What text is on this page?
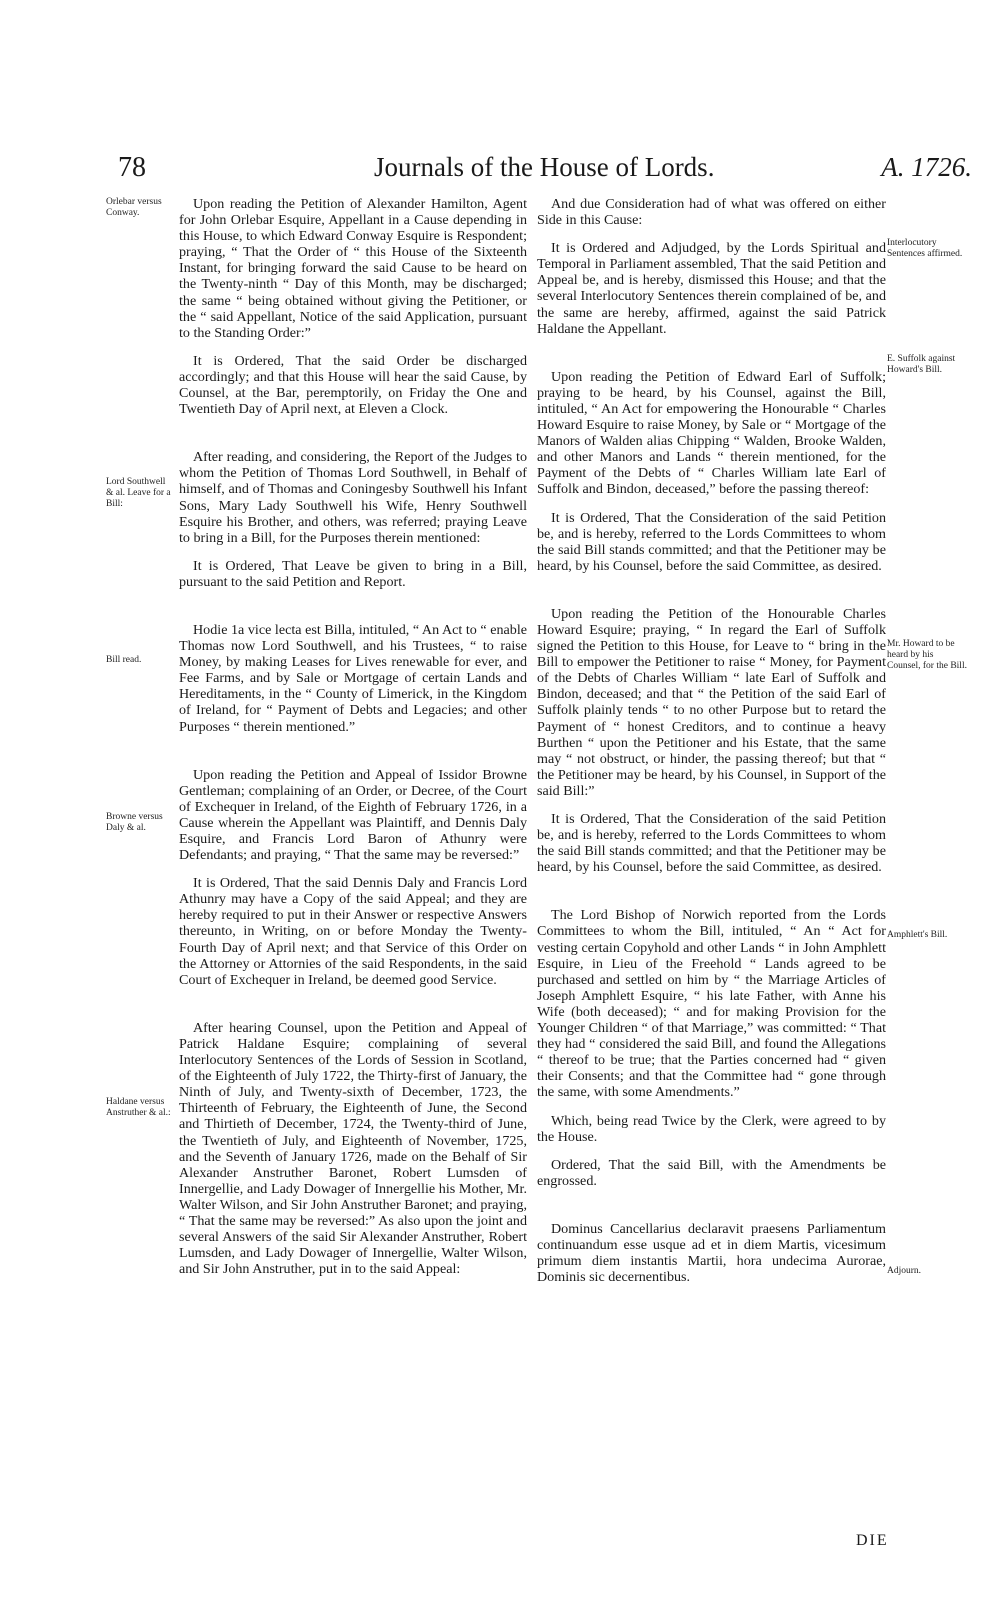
78	Journals of the House of Lords.	A. 1726.
Orlebar versus Conway.
Lord Southwell & al. Leave for a Bill:
Bill read.
Browne versus Daly & al.
Haldane versus Anstruther & al.:
Interlocutory Sentences affirmed.
E. Suffolk against Howard's Bill.
Mr. Howard to be heard by his Counsel, for the Bill.
Amphlett's Bill.
Adjourn.

Upon reading the Petition of Alexander Hamilton, Agent for John Orlebar Esquire, Appellant in a Cause depending in this House, to which Edward Conway Esquire is Respondent; praying, “ That the Order of “ this House of the Sixteenth Instant, for bringing forward the said Cause to be heard on the Twenty-ninth “ Day of this Month, may be discharged; the same “ being obtained without giving the Petitioner, or the “ said Appellant, Notice of the said Application, pursuant to the Standing Order:”

It is Ordered, That the said Order be discharged accordingly; and that this House will hear the said Cause, by Counsel, at the Bar, peremptorily, on Friday the One and Twentieth Day of April next, at Eleven a Clock.

After reading, and considering, the Report of the Judges to whom the Petition of Thomas Lord Southwell, in Behalf of himself, and of Thomas and Coningesby Southwell his Infant Sons, Mary Lady Southwell his Wife, Henry Southwell Esquire his Brother, and others, was referred; praying Leave to bring in a Bill, for the Purposes therein mentioned:

It is Ordered, That Leave be given to bring in a Bill, pursuant to the said Petition and Report.

Hodie 1a vice lecta est Billa, intituled, “ An Act to “ enable Thomas now Lord Southwell, and his Trustees, “ to raise Money, by making Leases for Lives renewable for ever, and Fee Farms, and by Sale or Mortgage of certain Lands and Hereditaments, in the “ County of Limerick, in the Kingdom of Ireland, for “ Payment of Debts and Legacies; and other Purposes “ therein mentioned.”

Upon reading the Petition and Appeal of Issidor Browne Gentleman; complaining of an Order, or Decree, of the Court of Exchequer in Ireland, of the Eighth of February 1726, in a Cause wherein the Appellant was Plaintiff, and Dennis Daly Esquire, and Francis Lord Baron of Athunry were Defendants; and praying, “ That the same may be reversed:”

It is Ordered, That the said Dennis Daly and Francis Lord Athunry may have a Copy of the said Appeal; and they are hereby required to put in their Answer or respective Answers thereunto, in Writing, on or before Monday the Twenty-Fourth Day of April next; and that Service of this Order on the Attorney or Attornies of the said Respondents, in the said Court of Exchequer in Ireland, be deemed good Service.

After hearing Counsel, upon the Petition and Appeal of Patrick Haldane Esquire; complaining of several Interlocutory Sentences of the Lords of Session in Scotland, of the Eighteenth of July 1722, the Thirty-first of January, the Ninth of July, and Twenty-sixth of December, 1723, the Thirteenth of February, the Eighteenth of June, the Second and Thirtieth of December, 1724, the Twenty-third of June, the Twentieth of July, and Eighteenth of November, 1725, and the Seventh of January 1726, made on the Behalf of Sir Alexander Anstruther Baronet, Robert Lumsden of Innergellie, and Lady Dowager of Innergellie his Mother, Mr. Walter Wilson, and Sir John Anstruther Baronet; and praying, “ That the same may be reversed:” As also upon the joint and several Answers of the said Sir Alexander Anstruther, Robert Lumsden, and Lady Dowager of Innergellie, Walter Wilson, and Sir John Anstruther, put in to the said Appeal:

And due Consideration had of what was offered on either Side in this Cause:

It is Ordered and Adjudged, by the Lords Spiritual and Temporal in Parliament assembled, That the said Petition and Appeal be, and is hereby, dismissed this House; and that the several Interlocutory Sentences therein complained of be, and the same are hereby, affirmed, against the said Patrick Haldane the Appellant.

Upon reading the Petition of Edward Earl of Suffolk; praying to be heard, by his Counsel, against the Bill, intituled, “ An Act for empowering the Honourable “ Charles Howard Esquire to raise Money, by Sale or “ Mortgage of the Manors of Walden alias Chipping “ Walden, Brooke Walden, and other Manors and Lands “ therein mentioned, for the Payment of the Debts of “ Charles William late Earl of Suffolk and Bindon, deceased,” before the passing thereof:

It is Ordered, That the Consideration of the said Petition be, and is hereby, referred to the Lords Committees to whom the said Bill stands committed; and that the Petitioner may be heard, by his Counsel, before the said Committee, as desired.

Upon reading the Petition of the Honourable Charles Howard Esquire; praying, “ In regard the Earl of Suffolk signed the Petition to this House, for Leave to “ bring in the Bill to empower the Petitioner to raise “ Money, for Payment of the Debts of Charles William “ late Earl of Suffolk and Bindon, deceased; and that “ the Petition of the said Earl of Suffolk plainly tends “ to no other Purpose but to retard the Payment of “ honest Creditors, and to continue a heavy Burthen “ upon the Petitioner and his Estate, that the same may “ not obstruct, or hinder, the passing thereof; but that “ the Petitioner may be heard, by his Counsel, in Support of the said Bill:”

It is Ordered, That the Consideration of the said Petition be, and is hereby, referred to the Lords Committees to whom the said Bill stands committed; and that the Petitioner may be heard, by his Counsel, before the said Committee, as desired.

The Lord Bishop of Norwich reported from the Lords Committees to whom the Bill, intituled, “ An “ Act for vesting certain Copyhold and other Lands “ in John Amphlett Esquire, in Lieu of the Freehold “ Lands agreed to be purchased and settled on him by “ the Marriage Articles of Joseph Amphlett Esquire, “ his late Father, with Anne his Wife (both deceased); “ and for making Provision for the Younger Children “ of that Marriage,” was committed: “ That they had “ considered the said Bill, and found the Allegations “ thereof to be true; that the Parties concerned had “ given their Consents; and that the Committee had “ gone through the same, with some Amendments.”

Which, being read Twice by the Clerk, were agreed to by the House.

Ordered, That the said Bill, with the Amendments be engrossed.

Dominus Cancellarius declaravit praesens Parliamentum continuandum esse usque ad et in diem Martis, vicesimum primum diem instantis Martii, hora undecima Aurorae, Dominis sic decernentibus.

DIE
